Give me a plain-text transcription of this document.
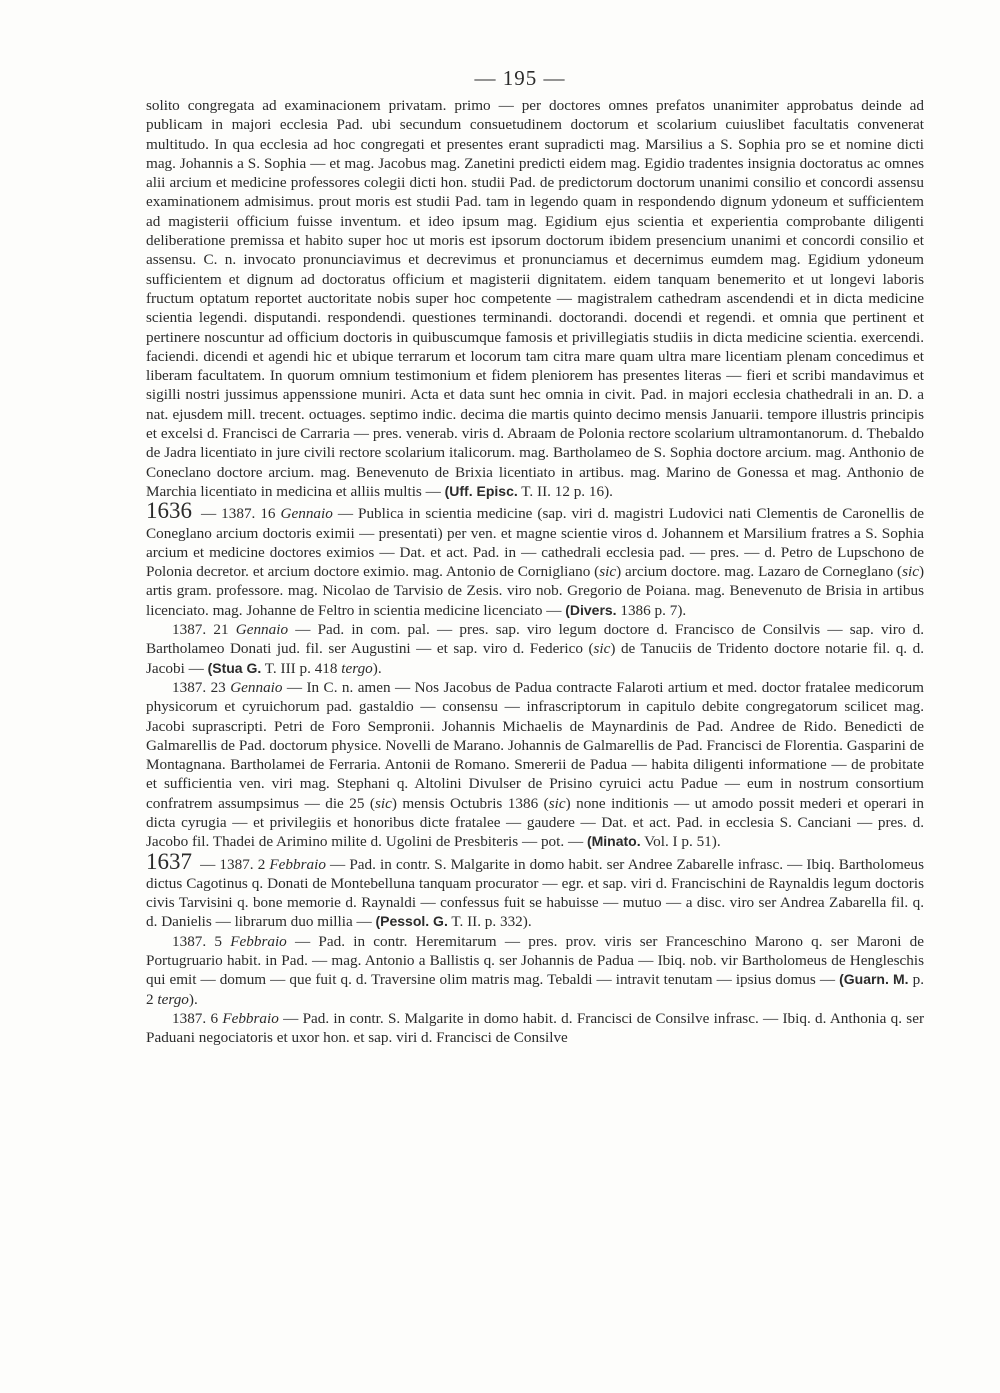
— 195 —

solito congregata ad examinacionem privatam. primo — per doctores omnes prefatos unanimiter approbatus deinde ad publicam in majori ecclesia Pad. ubi secundum consuetudinem doctorum et scolarium cuiuslibet facultatis convenerat multitudo. In qua ecclesia ad hoc congregati et presentes erant supradicti mag. Marsilius a S. Sophia pro se et nomine dicti mag. Johannis a S. Sophia — et mag. Jacobus mag. Zanetini predicti eidem mag. Egidio tradentes insignia doctoratus ac omnes alii arcium et medicine professores colegii dicti hon. studii Pad. de predictorum doctorum unanimi consilio et concordi assensu examinationem admisimus. prout moris est studii Pad. tam in legendo quam in respondendo dignum ydoneum et sufficientem ad magisterii officium fuisse inventum. et ideo ipsum mag. Egidium ejus scientia et experientia comprobante diligenti deliberatione premissa et habito super hoc ut moris est ipsorum doctorum ibidem presencium unanimi et concordi consilio et assensu. C. n. invocato pronunciavimus et decrevimus et pronunciamus et decernimus eumdem mag. Egidium ydoneum sufficientem et dignum ad doctoratus officium et magisterii dignitatem. eidem tanquam benemerito et ut longevi laboris fructum optatum reportet auctoritate nobis super hoc competente — magistralem cathedram ascendendi et in dicta medicine scientia legendi. disputandi. respondendi. questiones terminandi. doctorandi. docendi et regendi. et omnia que pertinent et pertinere noscuntur ad officium doctoris in quibuscumque famosis et privillegiatis studiis in dicta medicine scientia. exercendi. faciendi. dicendi et agendi hic et ubique terrarum et locorum tam citra mare quam ultra mare licentiam plenam concedimus et liberam facultatem. In quorum omnium testimonium et fidem pleniorem has presentes literas — fieri et scribi mandavimus et sigilli nostri jussimus appenssione muniri. Acta et data sunt hec omnia in civit. Pad. in majori ecclesia chathedrali in an. D. a nat. ejusdem mill. trecent. octuages. septimo indic. decima die martis quinto decimo mensis Januarii. tempore illustris principis et excelsi d. Francisci de Carraria — pres. venerab. viris d. Abraam de Polonia rectore scolarium ultramontanorum. d. Thebaldo de Jadra licentiato in jure civili rectore scolarium italicorum. mag. Bartholameo de S. Sophia doctore arcium. mag. Anthonio de Coneclano doctore arcium. mag. Benevenuto de Brixia licentiato in artibus. mag. Marino de Gonessa et mag. Anthonio de Marchia licentiato in medicina et alliis multis — (Uff. Episc. T. II. 12 p. 16).

1636 — 1387. 16 Gennaio — Publica in scientia medicine (sap. viri d. magistri Ludovici nati Clementis de Caronellis de Coneglano arcium doctoris eximii — presentati) per ven. et magne scientie viros d. Johannem et Marsilium fratres a S. Sophia arcium et medicine doctores eximios — Dat. et act. Pad. in — cathedrali ecclesia pad. — pres. — d. Petro de Lupschono de Polonia decretor. et arcium doctore eximio. mag. Antonio de Cornigliano (sic) arcium doctore. mag. Lazaro de Corneglano (sic) artis gram. professore. mag. Nicolao de Tarvisio de Zesis. viro nob. Gregorio de Poiana. mag. Benevenuto de Brisia in artibus licenciato. mag. Johanne de Feltro in scientia medicine licenciato — (Divers. 1386 p. 7).

1387. 21 Gennaio — Pad. in com. pal. — pres. sap. viro legum doctore d. Francisco de Consilvis — sap. viro d. Bartholameo Donati jud. fil. ser Augustini — et sap. viro d. Federico (sic) de Tanuciis de Tridento doctore notarie fil. q. d. Jacobi — (Stua G. T. III p. 418 tergo).

1387. 23 Gennaio — In C. n. amen — Nos Jacobus de Padua contracte Falaroti artium et med. doctor fratalee medicorum physicorum et cyruichorum pad. gastaldio — consensu — infrascriptorum in capitulo debite congregatorum scilicet mag. Jacobi suprascripti. Petri de Foro Sempronii. Johannis Michaelis de Maynardinis de Pad. Andree de Rido. Benedicti de Galmarellis de Pad. doctorum physice. Novelli de Marano. Johannis de Galmarellis de Pad. Francisci de Florentia. Gasparini de Montagnana. Bartholamei de Ferraria. Antonii de Romano. Smererii de Padua — habita diligenti informatione — de probitate et sufficientia ven. viri mag. Stephani q. Altolini Divulser de Prisino cyruici actu Padue — eum in nostrum consortium confratrem assumpsimus — die 25 (sic) mensis Octubris 1386 (sic) none inditionis — ut amodo possit mederi et operari in dicta cyrugia — et privilegiis et honoribus dicte fratalee — gaudere — Dat. et act. Pad. in ecclesia S. Canciani — pres. d. Jacobo fil. Thadei de Arimino milite d. Ugolini de Presbiteris — pot. — (Minato. Vol. I p. 51).

1637 — 1387. 2 Febbraio — Pad. in contr. S. Malgarite in domo habit. ser Andree Zabarelle infrasc. — Ibiq. Bartholomeus dictus Cagotinus q. Donati de Montebelluna tanquam procurator — egr. et sap. viri d. Francischini de Raynaldis legum doctoris civis Tarvisini q. bone memorie d. Raynaldi — confessus fuit se habuisse — mutuo — a disc. viro ser Andrea Zabarella fil. q. d. Danielis — librarum duo millia — (Pessol. G. T. II. p. 332).

1387. 5 Febbraio — Pad. in contr. Heremitarum — pres. prov. viris ser Franceschino Marono q. ser Maroni de Portugruario habit. in Pad. — mag. Antonio a Ballistis q. ser Johannis de Padua — Ibiq. nob. vir Bartholomeus de Hengleschis qui emit — domum — que fuit q. d. Traversine olim matris mag. Tebaldi — intravit tenutam — ipsius domus — (Guarn. M. p. 2 tergo).

1387. 6 Febbraio — Pad. in contr. S. Malgarite in domo habit. d. Francisci de Consilve infrasc. — Ibiq. d. Anthonia q. ser Paduani negociatoris et uxor hon. et sap. viri d. Francisci de Consilve
